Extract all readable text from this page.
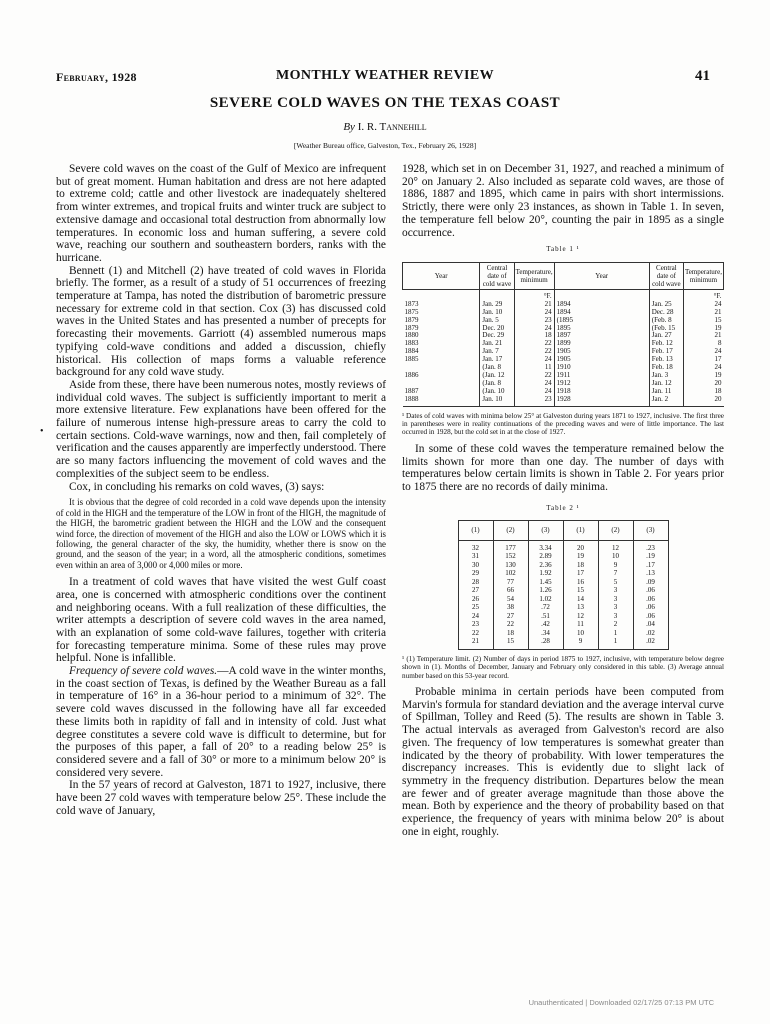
February, 1928	MONTHLY WEATHER REVIEW	41
SEVERE COLD WAVES ON THE TEXAS COAST
By I. R. Tannehill
[Weather Bureau office, Galveston, Tex., February 26, 1928]
•

Severe cold waves on the coast of the Gulf of Mexico are infrequent but of great moment. Human habitation and dress are not here adapted to extreme cold; cattle and other livestock are inadequately sheltered from winter extremes, and tropical fruits and winter truck are subject to extensive damage and occasional total destruction from abnormally low temperatures. In economic loss and human suffering, a severe cold wave, reaching our southern and southeastern borders, ranks with the hurricane.

Bennett (1) and Mitchell (2) have treated of cold waves in Florida briefly. The former, as a result of a study of 51 occurrences of freezing temperature at Tampa, has noted the distribution of barometric pressure necessary for extreme cold in that section. Cox (3) has discussed cold waves in the United States and has presented a number of precepts for forecasting their movements. Garriott (4) assembled numerous maps typifying cold-wave conditions and added a discussion, chiefly historical. His collection of maps forms a valuable reference background for any cold wave study.

Aside from these, there have been numerous notes, mostly reviews of individual cold waves. The subject is sufficiently important to merit a more extensive literature. Few explanations have been offered for the failure of numerous intense high-pressure areas to carry the cold to certain sections. Cold-wave warnings, now and then, fail completely of verification and the causes apparently are imperfectly understood. There are so many factors influencing the movement of cold waves and the complexities of the subject seem to be endless.

Cox, in concluding his remarks on cold waves, (3) says:

It is obvious that the degree of cold recorded in a cold wave depends upon the intensity of cold in the HIGH and the temperature of the LOW in front of the HIGH, the magnitude of the HIGH, the barometric gradient between the HIGH and the LOW and the consequent wind force, the direction of movement of the HIGH and also the LOW or LOWS which it is following, the general character of the sky, the humidity, whether there is snow on the ground, and the season of the year; in a word, all the atmospheric conditions, sometimes even within an area of 3,000 or 4,000 miles or more.

In a treatment of cold waves that have visited the west Gulf coast area, one is concerned with atmospheric conditions over the continent and neighboring oceans. With a full realization of these difficulties, the writer attempts a description of severe cold waves in the area named, with an explanation of some cold-wave failures, together with criteria for forecasting temperature minima. Some of these rules may prove helpful. None is infallible.

Frequency of severe cold waves.—A cold wave in the winter months, in the coast section of Texas, is defined by the Weather Bureau as a fall in temperature of 16° in a 36-hour period to a minimum of 32°. The severe cold waves discussed in the following have all far exceeded these limits both in rapidity of fall and in intensity of cold. Just what degree constitutes a severe cold wave is difficult to determine, but for the purposes of this paper, a fall of 20° to a reading below 25° is considered severe and a fall of 30° or more to a minimum below 20° is considered very severe.

In the 57 years of record at Galveston, 1871 to 1927, inclusive, there have been 27 cold waves with temperature below 25°. These include the cold wave of January,

1928, which set in on December 31, 1927, and reached a minimum of 20° on January 2. Also included as separate cold waves, are those of 1886, 1887 and 1895, which came in pairs with short intermissions. Strictly, there were only 23 instances, as shown in Table 1. In seven, the temperature fell below 20°, counting the pair in 1895 as a single occurrence.

Table 1 ¹
Year	Central date of cold wave	Temperature, minimum	Year	Central date of cold wave	Temperature, minimum
		°F.			°F.
1873	Jan. 29	21	1894	Jan. 25	24
1875	Jan. 10	24	1894	Dec. 28	21
1879	Jan. 5	23	(1895	(Feb. 8	15
1879	Dec. 20	24	1895	(Feb. 15	19
1880	Dec. 29	18	1897	Jan. 27	21
1883	Jan. 21	22	1899	Feb. 12	8
1884	Jan. 7	22	1905	Feb. 17	24
1885	Jan. 17	24	1905	Feb. 13	17
	(Jan. 8	11	1910	Feb. 18	24
1886	(Jan. 12	22	1911	Jan. 3	19
	(Jan. 8	24	1912	Jan. 12	20
1887	(Jan. 10	24	1918	Jan. 11	18
1888	Jan. 10	23	1928	Jan. 2	20
¹ Dates of cold waves with minima below 25° at Galveston during years 1871 to 1927, inclusive. The first three in parentheses were in reality continuations of the preceding waves and were of little importance. The last occurred in 1928, but the cold set in at the close of 1927.

In some of these cold waves the temperature remained below the limits shown for more than one day. The number of days with temperatures below certain limits is shown in Table 2. For years prior to 1875 there are no records of daily minima.

Table 2 ¹
(1)	(2)	(3)	(1)	(2)	(3)
32	177	3.34	20	12	.23
31	152	2.89	19	10	.19
30	130	2.36	18	9	.17
29	102	1.92	17	7	.13
28	77	1.45	16	5	.09
27	66	1.26	15	3	.06
26	54	1.02	14	3	.06
25	38	.72	13	3	.06
24	27	.51	12	3	.06
23	22	.42	11	2	.04
22	18	.34	10	1	.02
21	15	.28	9	1	.02
¹ (1) Temperature limit. (2) Number of days in period 1875 to 1927, inclusive, with temperature below degree shown in (1). Months of December, January and February only considered in this table. (3) Average annual number based on this 53-year record.

Probable minima in certain periods have been computed from Marvin's formula for standard deviation and the average interval curve of Spillman, Tolley and Reed (5). The results are shown in Table 3. The actual intervals as averaged from Galveston's record are also given. The frequency of low temperatures is somewhat greater than indicated by the theory of probability. With lower temperatures the discrepancy increases. This is evidently due to slight lack of symmetry in the frequency distribution. Departures below the mean are fewer and of greater average magnitude than those above the mean. Both by experience and the theory of probability based on that experience, the frequency of years with minima below 20° is about one in eight, roughly.

Unauthenticated | Downloaded 02/17/25 07:13 PM UTC
